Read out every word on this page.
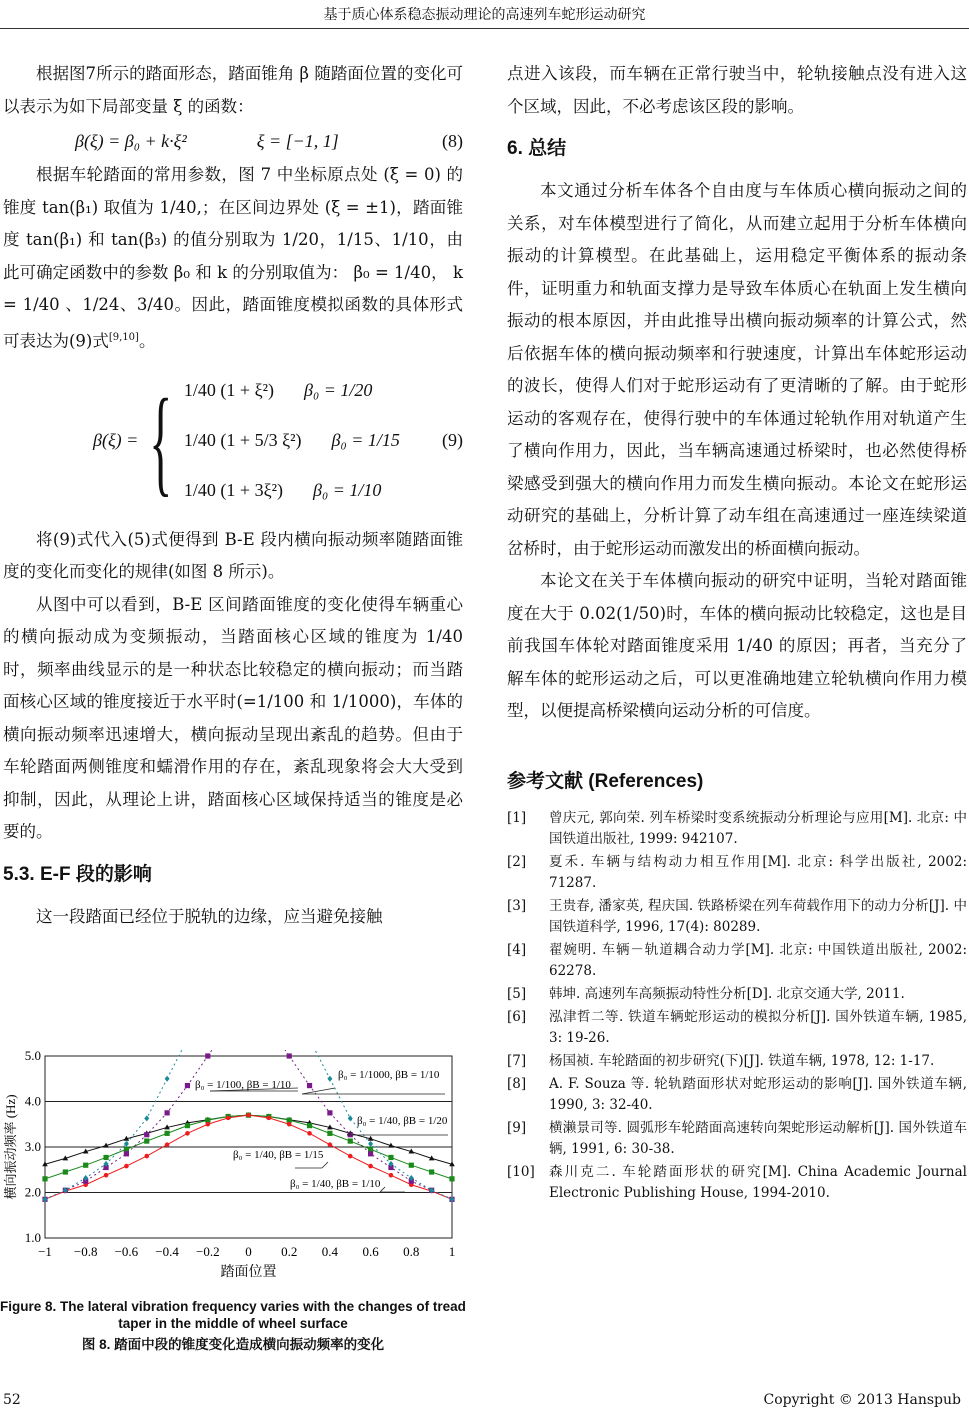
基于质心体系稳态振动理论的高速列车蛇形运动研究

根据图7所示的踏面形态，踏面锥角 β 随踏面位置的变化可以表示为如下局部变量 ξ 的函数：

β(ξ) = β₀ + k·ξ²	ξ = [−1, 1]	(8)

根据车轮踏面的常用参数，图 7 中坐标原点处 (ξ = 0) 的锥度 tan(β₁) 取值为 1/40,；在区间边界处 (ξ = ±1)，踏面锥度 tan(β₁) 和 tan(β₃) 的值分别取为 1/20，1/15、1/10，由此可确定函数中的参数 β₀ 和 k 的分别取值为： β₀ = 1/40， k = 1/40 、1/24、3/40。因此，踏面锥度模拟函数的具体形式可表达为(9)式[9,10]。

β(ξ) = { 1/40 (1 + ξ²) β₀ = 1/20
1/40 (1 + 5/3 ξ²) β₀ = 1/15
1/40 (1 + 3ξ²) β₀ = 1/10
(9)

将(9)式代入(5)式便得到 B-E 段内横向振动频率随踏面锥度的变化而变化的规律(如图 8 所示)。

从图中可以看到，B-E 区间踏面锥度的变化使得车辆重心的横向振动成为变频振动，当踏面核心区域的锥度为 1/40 时，频率曲线显示的是一种状态比较稳定的横向振动；而当踏面核心区域的锥度接近于水平时(=1/100 和 1/1000)，车体的横向振动频率迅速增大，横向振动呈现出紊乱的趋势。但由于车轮踏面两侧锥度和蠕滑作用的存在，紊乱现象将会大大受到抑制，因此，从理论上讲，踏面核心区域保持适当的锥度是必要的。

5.3. E-F 段的影响

这一段踏面已经位于脱轨的边缘，应当避免接触

1.0
2.0
3.0
4.0
5.0
−1 −0.8 −0.6 −0.4 −0.2 0 0.2 0.4 0.6 0.8 1
踏面位置
横向振动频率 (Hz)
β₀ = 1/1000, βB = 1/10
β₀ = 1/100, βB = 1/10
β₀ = 1/40, βB = 1/20
β₀ = 1/40, βB = 1/15
β₀ = 1/40, βB = 1/10
Figure 8. The lateral vibration frequency varies with the changes of tread taper in the middle of wheel surface
图 8. 踏面中段的锥度变化造成横向振动频率的变化

点进入该段，而车辆在正常行驶当中，轮轨接触点没有进入这个区域，因此，不必考虑该区段的影响。

6. 总结

本文通过分析车体各个自由度与车体质心横向振动之间的关系，对车体模型进行了简化，从而建立起用于分析车体横向振动的计算模型。在此基础上，运用稳定平衡体系的振动条件，证明重力和轨面支撑力是导致车体质心在轨面上发生横向振动的根本原因，并由此推导出横向振动频率的计算公式，然后依据车体的横向振动频率和行驶速度，计算出车体蛇形运动的波长，使得人们对于蛇形运动有了更清晰的了解。由于蛇形运动的客观存在，使得行驶中的车体通过轮轨作用对轨道产生了横向作用力，因此，当车辆高速通过桥梁时，也必然使得桥梁感受到强大的横向作用力而发生横向振动。本论文在蛇形运动研究的基础上，分析计算了动车组在高速通过一座连续梁道岔桥时，由于蛇形运动而激发出的桥面横向振动。

本论文在关于车体横向振动的研究中证明，当轮对踏面锥度在大于 0.02(1/50)时，车体的横向振动比较稳定，这也是目前我国车体轮对踏面锥度采用 1/40 的原因；再者，当充分了解车体的蛇形运动之后，可以更准确地建立轮轨横向作用力模型，以便提高桥梁横向运动分析的可信度。

参考文献 (References)
[1]	曾庆元, 郭向荣. 列车桥梁时变系统振动分析理论与应用[M]. 北京: 中国铁道出版社, 1999: 942107.
[2]	夏禾. 车辆与结构动力相互作用[M]. 北京: 科学出版社, 2002: 71287.
[3]	王贵春, 潘家英, 程庆国. 铁路桥梁在列车荷载作用下的动力分析[J]. 中国铁道科学, 1996, 17(4): 80289.
[4]	翟婉明. 车辆－轨道耦合动力学[M]. 北京: 中国铁道出版社, 2002: 62278.
[5]	韩坤. 高速列车高频振动特性分析[D]. 北京交通大学, 2011.
[6]	泓津哲二等. 铁道车辆蛇形运动的模拟分析[J]. 国外铁道车辆, 1985, 3: 19-26.
[7]	杨国祯. 车轮踏面的初步研究(下)[J]. 铁道车辆, 1978, 12: 1-17.
[8]	A. F. Souza 等. 轮轨踏面形状对蛇形运动的影响[J]. 国外铁道车辆, 1990, 3: 32-40.
[9]	横濑景司等. 圆弧形车轮踏面高速转向架蛇形运动解析[J]. 国外铁道车辆, 1991, 6: 30-38.
[10]	森川克二. 车轮踏面形状的研究[M]. China Academic Journal Electronic Publishing House, 1994-2010.
52	Copyright © 2013 Hanspub
